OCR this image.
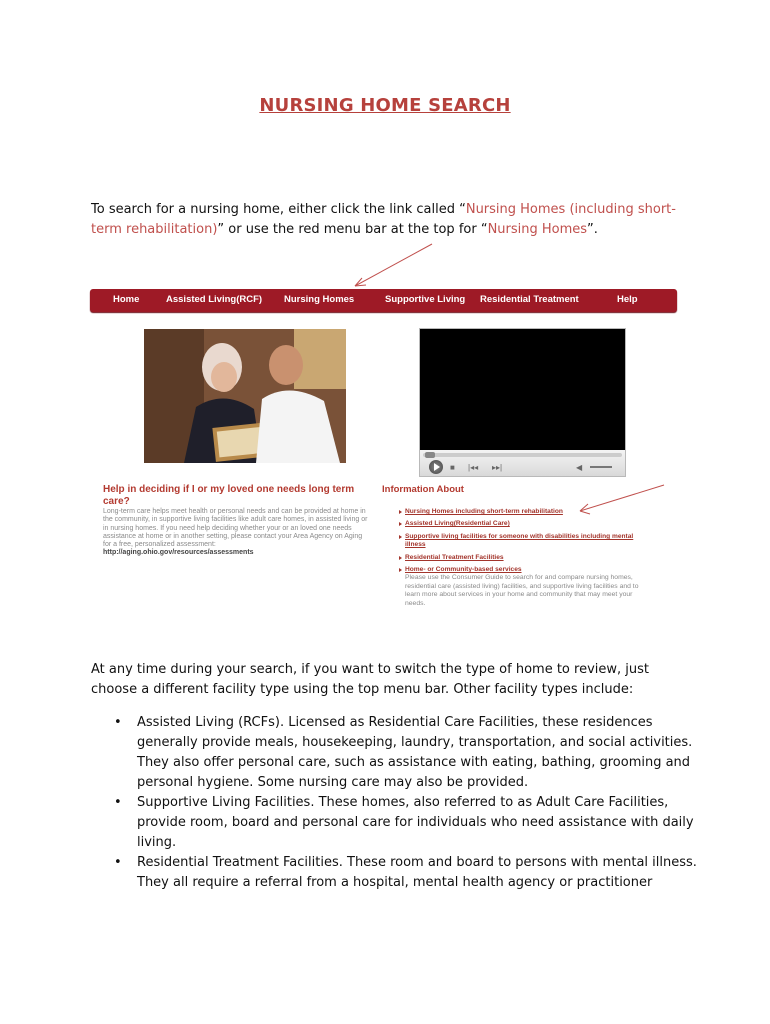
NURSING HOME SEARCH
To search for a nursing home, either click the link called “Nursing Homes (including short-term rehabilitation)” or use the red menu bar at the top for “Nursing Homes”.
Home	Assisted Living(RCF) Nursing Homes	Supportive Living Residential Treatment	Help
■ |◂◂ ▸▸|	◀
Help in deciding if I or my loved one needs long term care?
Long-term care helps meet health or personal needs and can be provided at home in the community, in supportive living facilities like adult care homes, in assisted living or in nursing homes. If you need help deciding whether your or an loved one needs assistance at home or in another setting, please contact your Area Agency on Aging for a free, personalized assessment:
http://aging.ohio.gov/resources/assessments
Information About
Nursing Homes including short-term rehabilitation
Assisted Living(Residential Care)
Supportive living facilities for someone with disabilities including mental illness
Residential Treatment Facilities
Home- or Community-based services
Please use the Consumer Guide to search for and compare nursing homes, residential care (assisted living) facilities, and supportive living facilities and to learn more about services in your home and community that may meet your needs.
At any time during your search, if you want to switch the type of home to review, just choose a different facility type using the top menu bar. Other facility types include:
• Assisted Living (RCFs). Licensed as Residential Care Facilities, these residences generally provide meals, housekeeping, laundry, transportation, and social activities. They also offer personal care, such as assistance with eating, bathing, grooming and personal hygiene. Some nursing care may also be provided.
• Supportive Living Facilities. These homes, also referred to as Adult Care Facilities, provide room, board and personal care for individuals who need assistance with daily living.
• Residential Treatment Facilities. These room and board to persons with mental illness. They all require a referral from a hospital, mental health agency or practitioner
